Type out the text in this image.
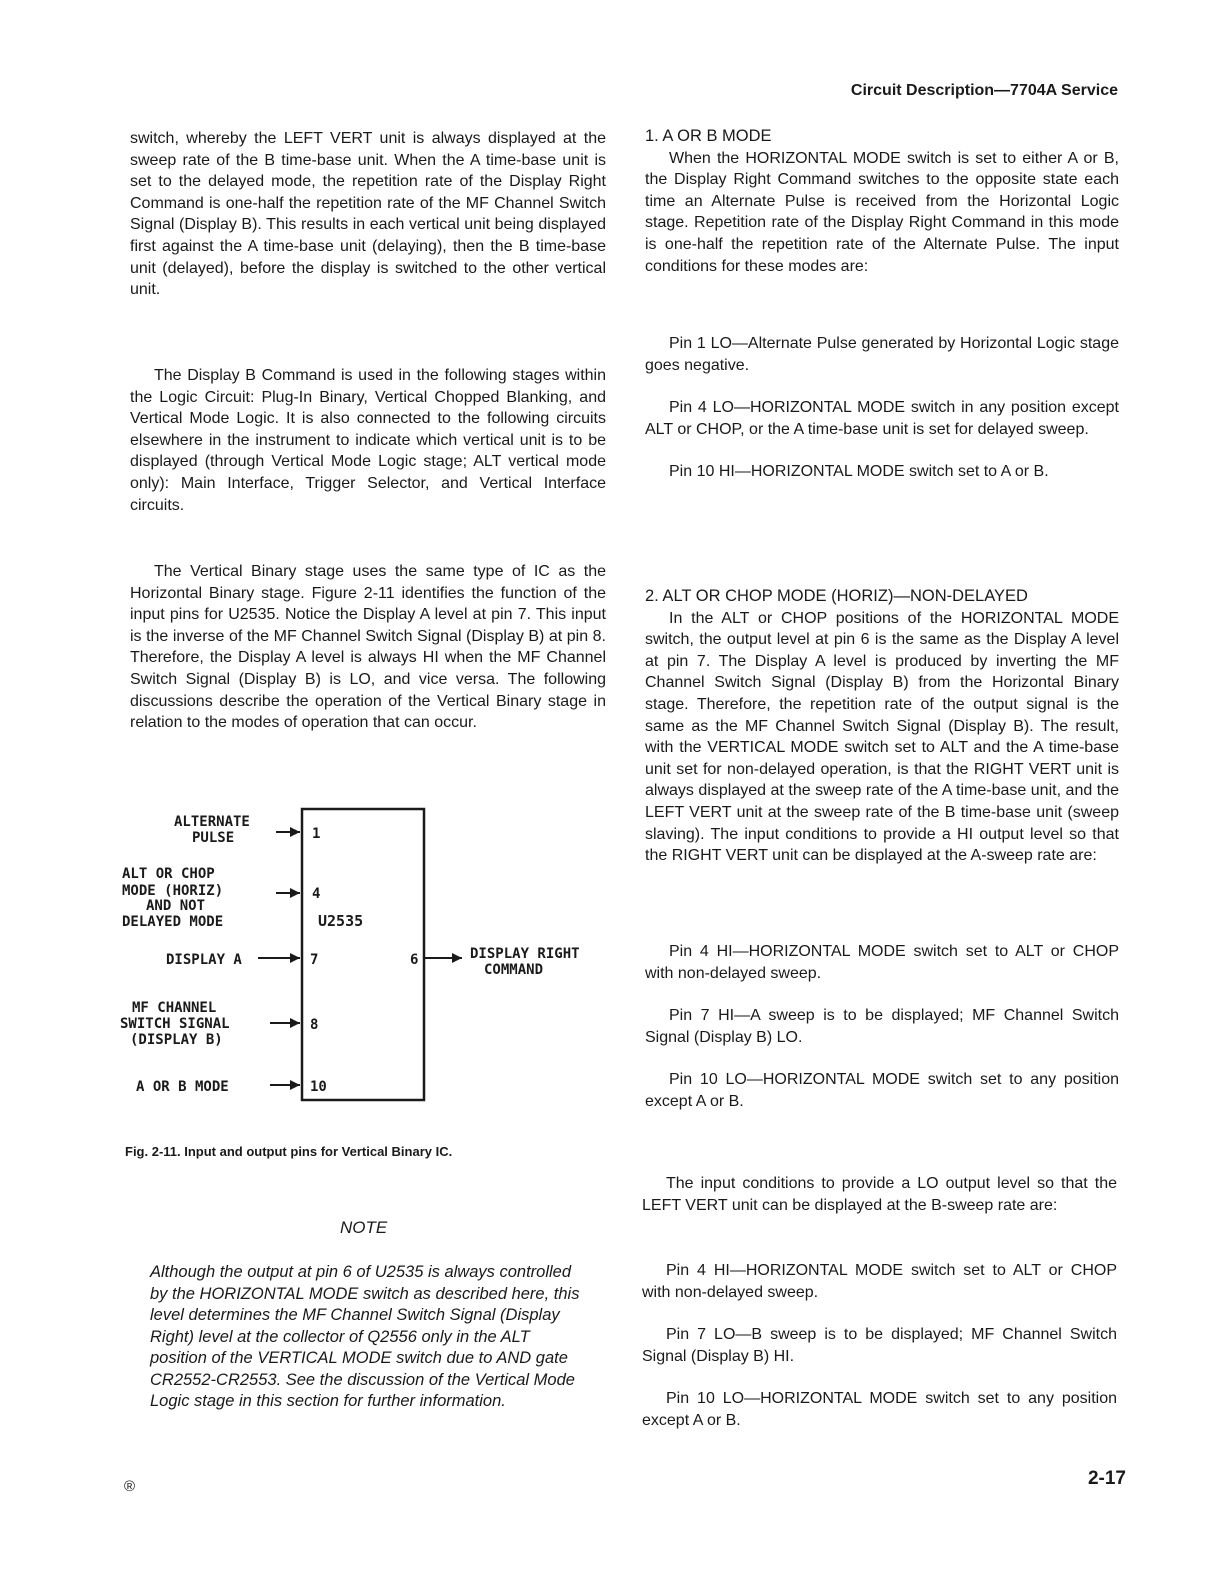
Circuit Description—7704A Service

switch, whereby the LEFT VERT unit is always displayed at the sweep rate of the B time-base unit. When the A time-base unit is set to the delayed mode, the repetition rate of the Display Right Command is one-half the repetition rate of the MF Channel Switch Signal (Display B). This results in each vertical unit being displayed first against the A time-base unit (delaying), then the B time-base unit (delayed), before the display is switched to the other vertical unit.

The Display B Command is used in the following stages within the Logic Circuit: Plug-In Binary, Vertical Chopped Blanking, and Vertical Mode Logic. It is also connected to the following circuits elsewhere in the instrument to indicate which vertical unit is to be displayed (through Vertical Mode Logic stage; ALT vertical mode only): Main Interface, Trigger Selector, and Vertical Interface circuits.

The Vertical Binary stage uses the same type of IC as the Horizontal Binary stage. Figure 2-11 identifies the function of the input pins for U2535. Notice the Display A level at pin 7. This input is the inverse of the MF Channel Switch Signal (Display B) at pin 8. Therefore, the Display A level is always HI when the MF Channel Switch Signal (Display B) is LO, and vice versa. The following discussions describe the operation of the Vertical Binary stage in relation to the modes of operation that can occur.

U2535
ALTERNATE
PULSE	1
ALT OR CHOP
MODE (HORIZ)
AND NOT
DELAYED MODE
4
DISPLAY A	7	6	DISPLAY RIGHT
COMMAND
MF CHANNEL
SWITCH SIGNAL
(DISPLAY B)
8
A OR B MODE	10
Fig. 2-11. Input and output pins for Vertical Binary IC.
NOTE
Although the output at pin 6 of U2535 is always controlled by the HORIZONTAL MODE switch as described here, this level determines the MF Channel Switch Signal (Display Right) level at the collector of Q2556 only in the ALT position of the VERTICAL MODE switch due to AND gate CR2552-CR2553. See the discussion of the Vertical Mode Logic stage in this section for further information.

1. A OR B MODE

When the HORIZONTAL MODE switch is set to either A or B, the Display Right Command switches to the opposite state each time an Alternate Pulse is received from the Horizontal Logic stage. Repetition rate of the Display Right Command in this mode is one-half the repetition rate of the Alternate Pulse. The input conditions for these modes are:

Pin 1 LO—Alternate Pulse generated by Horizontal Logic stage goes negative.

Pin 4 LO—HORIZONTAL MODE switch in any position except ALT or CHOP, or the A time-base unit is set for delayed sweep.

Pin 10 HI—HORIZONTAL MODE switch set to A or B.

2. ALT OR CHOP MODE (HORIZ)—NON-DELAYED

In the ALT or CHOP positions of the HORIZONTAL MODE switch, the output level at pin 6 is the same as the Display A level at pin 7. The Display A level is produced by inverting the MF Channel Switch Signal (Display B) from the Horizontal Binary stage. Therefore, the repetition rate of the output signal is the same as the MF Channel Switch Signal (Display B). The result, with the VERTICAL MODE switch set to ALT and the A time-base unit set for non-delayed operation, is that the RIGHT VERT unit is always displayed at the sweep rate of the A time-base unit, and the LEFT VERT unit at the sweep rate of the B time-base unit (sweep slaving). The input conditions to provide a HI output level so that the RIGHT VERT unit can be displayed at the A-sweep rate are:

Pin 4 HI—HORIZONTAL MODE switch set to ALT or CHOP with non-delayed sweep.

Pin 7 HI—A sweep is to be displayed; MF Channel Switch Signal (Display B) LO.

Pin 10 LO—HORIZONTAL MODE switch set to any position except A or B.

The input conditions to provide a LO output level so that the LEFT VERT unit can be displayed at the B-sweep rate are:

Pin 4 HI—HORIZONTAL MODE switch set to ALT or CHOP with non-delayed sweep.

Pin 7 LO—B sweep is to be displayed; MF Channel Switch Signal (Display B) HI.

Pin 10 LO—HORIZONTAL MODE switch set to any position except A or B.

®	2-17
